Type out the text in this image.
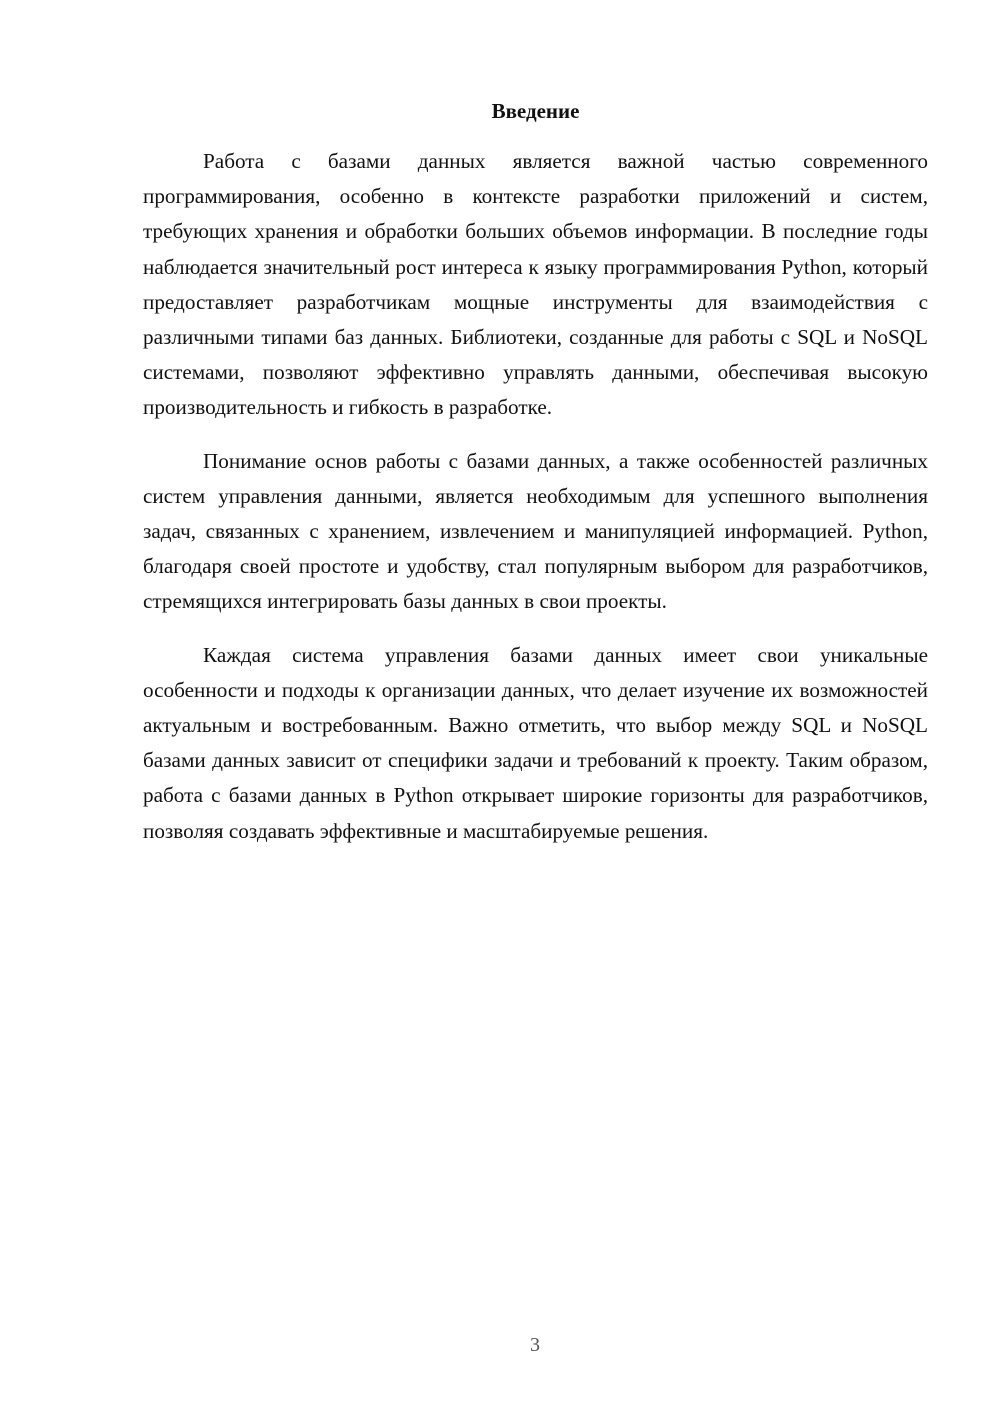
Введение

Работа с базами данных является важной частью современного программирования, особенно в контексте разработки приложений и систем, требующих хранения и обработки больших объемов информации. В последние годы наблюдается значительный рост интереса к языку программирования Python, который предоставляет разработчикам мощные инструменты для взаимодействия с различными типами баз данных. Библиотеки, созданные для работы с SQL и NoSQL системами, позволяют эффективно управлять данными, обеспечивая высокую производительность и гибкость в разработке.

Понимание основ работы с базами данных, а также особенностей различных систем управления данными, является необходимым для успешного выполнения задач, связанных с хранением, извлечением и манипуляцией информацией. Python, благодаря своей простоте и удобству, стал популярным выбором для разработчиков, стремящихся интегрировать базы данных в свои проекты.

Каждая система управления базами данных имеет свои уникальные особенности и подходы к организации данных, что делает изучение их возможностей актуальным и востребованным. Важно отметить, что выбор между SQL и NoSQL базами данных зависит от специфики задачи и требований к проекту. Таким образом, работа с базами данных в Python открывает широкие горизонты для разработчиков, позволяя создавать эффективные и масштабируемые решения.

3
